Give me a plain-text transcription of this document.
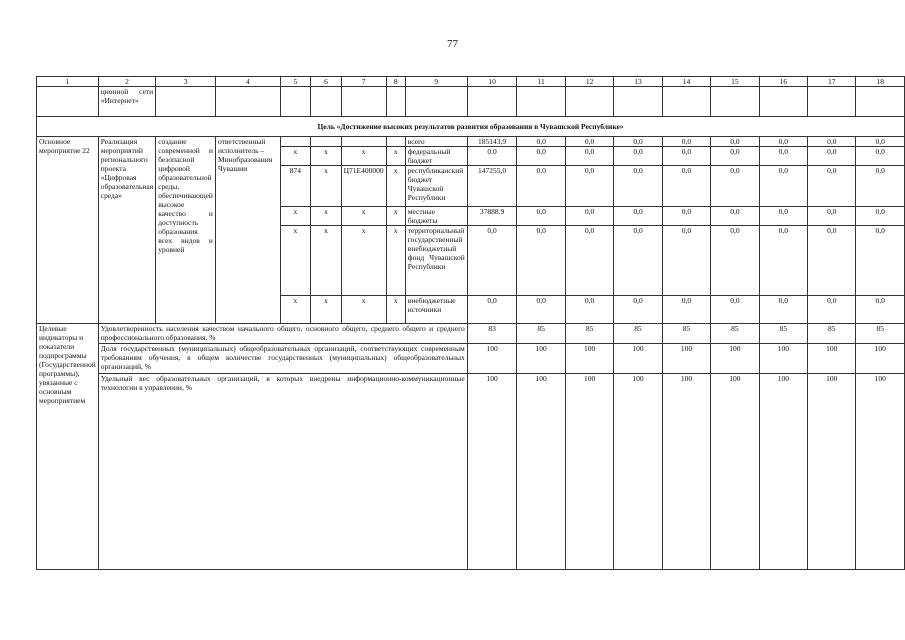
77
1	2	3	4	5	6	7	8	9	10	11	12	13	14	15	16	17	18
	ционной сети «Интернет»																
Цель «Достижение высоких результатов развития образования в Чувашской Республике»																	
Основное мероприятие 22	Реализация мероприятий регионального проекта «Цифровая образовательная среда»	создание современной и безопасной цифровой образовательной среды, обеспечивающей высокое качество и доступность образования всех видов и уровней	ответственный исполнитель – Минобразования Чувашии					всего	185143,9	0,0	0,0	0,0	0,0	0,0	0,0	0,0	0,0
				x	x	x	x	федеральный бюджет	0.0	0,0	0,0	0,0	0,0	0,0	0,0	0,0	0,0
				874	x	Ц71Е400000	x	республиканский бюджет Чувашской Республики	147255,0	0,0	0,0	0,0	0,0	0,0	0,0	0,0	0,0
				x	x	x	x	местные бюджеты	37888.9	0,0	0,0	0,0	0,0	0,0	0,0	0,0	0,0
				x	x	x	x	территориальный государственный внебюджетный фонд Чувашской Республики	0,0	0,0	0,0	0,0	0,0	0,0	0,0	0,0	0,0
				x	x	x	x	внебюджетные источники	0,0	0,0	0,0	0,0	0,0	0,0	0,0	0,0	0,0
Целевые индикаторы и показатели подпрограммы (Государственной программы), увязанные с основным мероприятием	Удовлетворенность населения качеством начального общего, основного общего, среднего общего и среднего профессионального образования, %								83	85	85	85	85	85	85	85	85
	Доля государственных (муниципальных) общеобразовательных организаций, соответствующих современным требованиям обучения, в общем количестве государственных (муниципальных) общеобразовательных организаций, %								100	100	100	100	100	100	100	100	100
	Удельный вес образовательных организаций, в которых внедрены информационно-коммуникационные технологии в управлении, %								100	100	100	100	100	100	100	100	100
